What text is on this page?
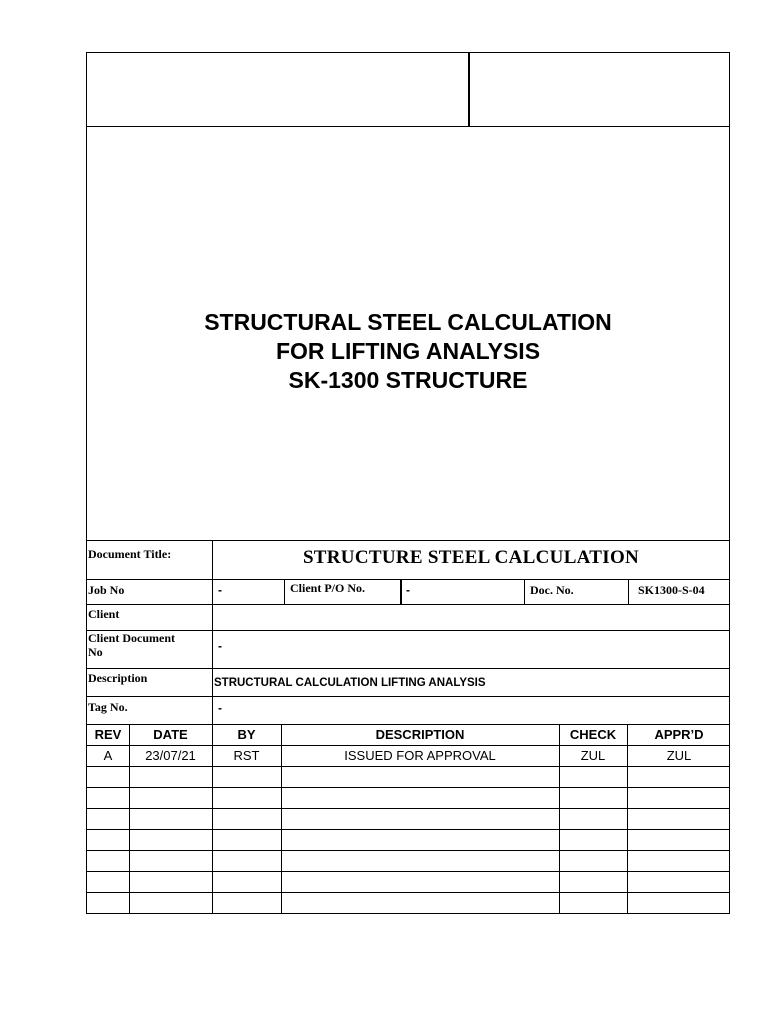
STRUCTURAL STEEL CALCULATION
FOR LIFTING ANALYSIS
SK-1300 STRUCTURE
Document Title:	STRUCTURE STEEL CALCULATION
Job No	-	Client P/O No.	-	Doc. No.	SK1300-S-04
Client
Client Document
No	-
Description	STRUCTURAL CALCULATION LIFTING ANALYSIS
Tag No.	-
REV	DATE	BY	DESCRIPTION	CHECK	APPR’D
A	23/07/21	RST	ISSUED FOR APPROVAL	ZUL	ZUL
